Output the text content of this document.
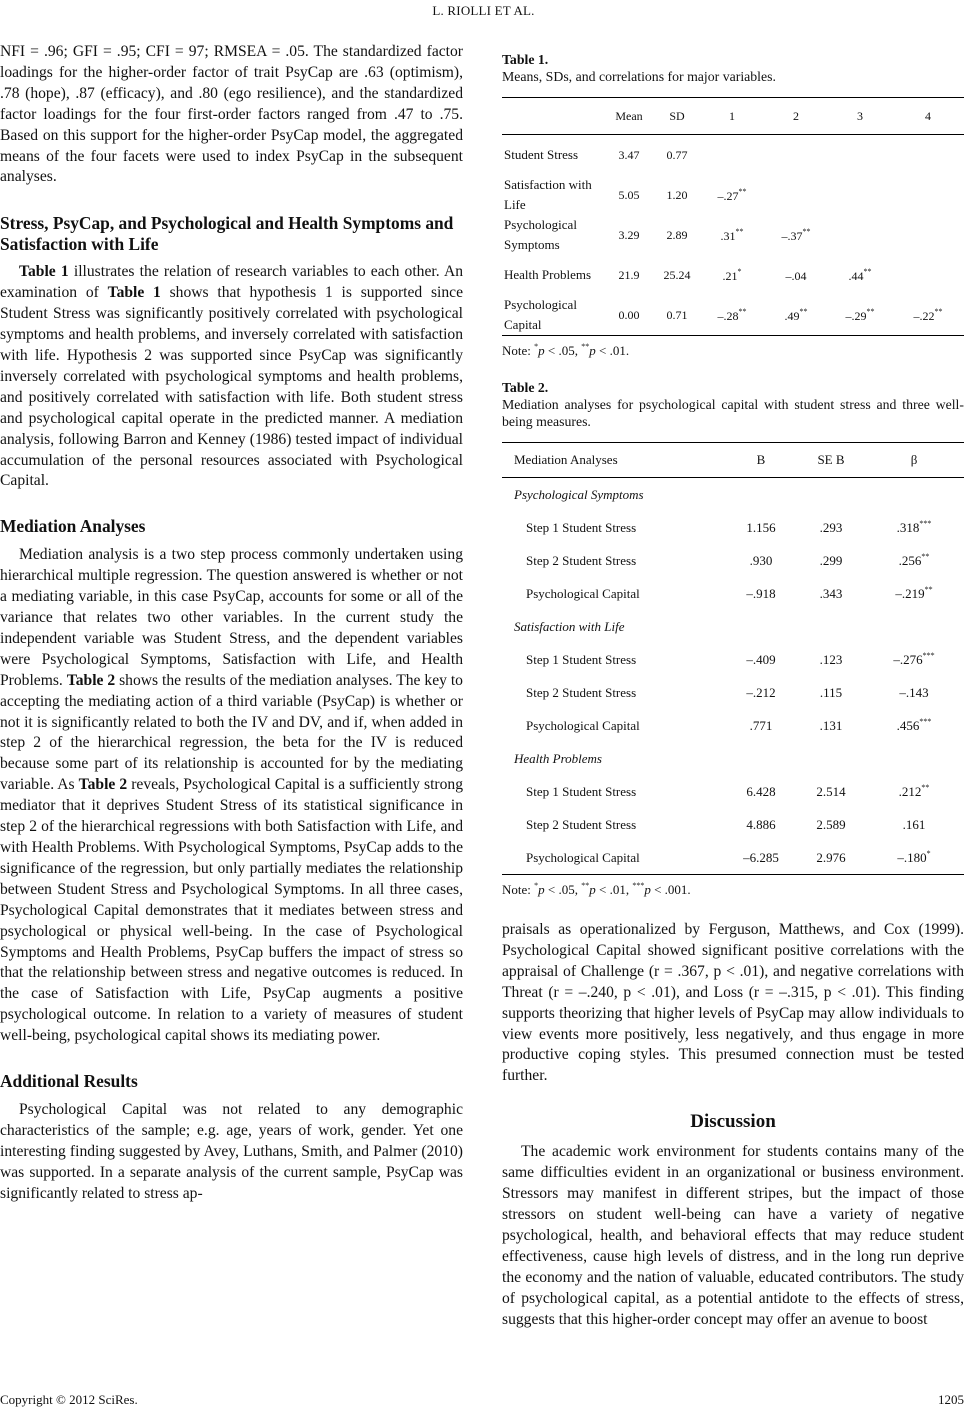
L. RIOLLI ET AL.

NFI = .96; GFI = .95; CFI = 97; RMSEA = .05. The standardized factor loadings for the higher-order factor of trait PsyCap are .63 (optimism), .78 (hope), .87 (efficacy), and .80 (ego resilience), and the standardized factor loadings for the four first-order factors ranged from .47 to .75. Based on this support for the higher-order PsyCap model, the aggregated means of the four facets were used to index PsyCap in the subsequent analyses.

Stress, PsyCap, and Psychological and Health Symptoms and Satisfaction with Life

Table 1 illustrates the relation of research variables to each other. An examination of Table 1 shows that hypothesis 1 is supported since Student Stress was significantly positively correlated with psychological symptoms and health problems, and inversely correlated with satisfaction with life. Hypothesis 2 was supported since PsyCap was significantly inversely correlated with psychological symptoms and health problems, and positively correlated with satisfaction with life. Both student stress and psychological capital operate in the predicted manner. A mediation analysis, following Barron and Kenney (1986) tested impact of individual accumulation of the personal resources associated with Psychological Capital.

Mediation Analyses

Mediation analysis is a two step process commonly undertaken using hierarchical multiple regression. The question answered is whether or not a mediating variable, in this case PsyCap, accounts for some or all of the variance that relates two other variables. In the current study the independent variable was Student Stress, and the dependent variables were Psychological Symptoms, Satisfaction with Life, and Health Problems. Table 2 shows the results of the mediation analyses. The key to accepting the mediating action of a third variable (PsyCap) is whether or not it is significantly related to both the IV and DV, and if, when added in step 2 of the hierarchical regression, the beta for the IV is reduced because some part of its relationship is accounted for by the mediating variable. As Table 2 reveals, Psychological Capital is a sufficiently strong mediator that it deprives Student Stress of its statistical significance in step 2 of the hierarchical regressions with both Satisfaction with Life, and with Health Problems. With Psychological Symptoms, PsyCap adds to the significance of the regression, but only partially mediates the relationship between Student Stress and Psychological Symptoms. In all three cases, Psychological Capital demonstrates that it mediates between stress and psychological or physical well-being. In the case of Psychological Symptoms and Health Problems, PsyCap buffers the impact of stress so that the relationship between stress and negative outcomes is reduced. In the case of Satisfaction with Life, PsyCap augments a positive psychological outcome. In relation to a variety of measures of student well-being, psychological capital shows its mediating power.

Additional Results

Psychological Capital was not related to any demographic characteristics of the sample; e.g. age, years of work, gender. Yet one interesting finding suggested by Avey, Luthans, Smith, and Palmer (2010) was supported. In a separate analysis of the current sample, PsyCap was significantly related to stress ap-

Table 1.
Means, SDs, and correlations for major variables.
	Mean	SD	1	2	3	4
Student Stress	3.47	0.77				
Satisfaction with Life	5.05	1.20	–.27**			
Psychological Symptoms	3.29	2.89	.31**	–.37**		
Health Problems	21.9	25.24	.21*	–.04	.44**	
Psychological Capital	0.00	0.71	–.28**	.49**	–.29**	–.22**
Note: *p < .05, **p < .01.
Table 2.
Mediation analyses for psychological capital with student stress and three well-being measures.
Mediation Analyses	B	SE B	β
Psychological Symptoms			
Step 1 Student Stress	1.156	.293	.318***
Step 2 Student Stress	.930	.299	.256**
Psychological Capital	–.918	.343	–.219**
Satisfaction with Life			
Step 1 Student Stress	–.409	.123	–.276***
Step 2 Student Stress	–.212	.115	–.143
Psychological Capital	.771	.131	.456***
Health Problems			
Step 1 Student Stress	6.428	2.514	.212**
Step 2 Student Stress	4.886	2.589	.161
Psychological Capital	–6.285	2.976	–.180*
Note: *p < .05, **p < .01, ***p < .001.

praisals as operationalized by Ferguson, Matthews, and Cox (1999). Psychological Capital showed significant positive correlations with the appraisal of Challenge (r = .367, p < .01), and negative correlations with Threat (r = –.240, p < .01), and Loss (r = –.315, p < .01). This finding supports theorizing that higher levels of PsyCap may allow individuals to view events more positively, less negatively, and thus engage in more productive coping styles. This presumed connection must be tested further.

Discussion

The academic work environment for students contains many of the same difficulties evident in an organizational or business environment. Stressors may manifest in different stripes, but the impact of those stressors on student well-being can have a variety of negative psychological, health, and behavioral effects that may reduce student effectiveness, cause high levels of distress, and in the long run deprive the economy and the nation of valuable, educated contributors. The study of psychological capital, as a potential antidote to the effects of stress, suggests that this higher-order concept may offer an avenue to boost

Copyright © 2012 SciRes.	1205
